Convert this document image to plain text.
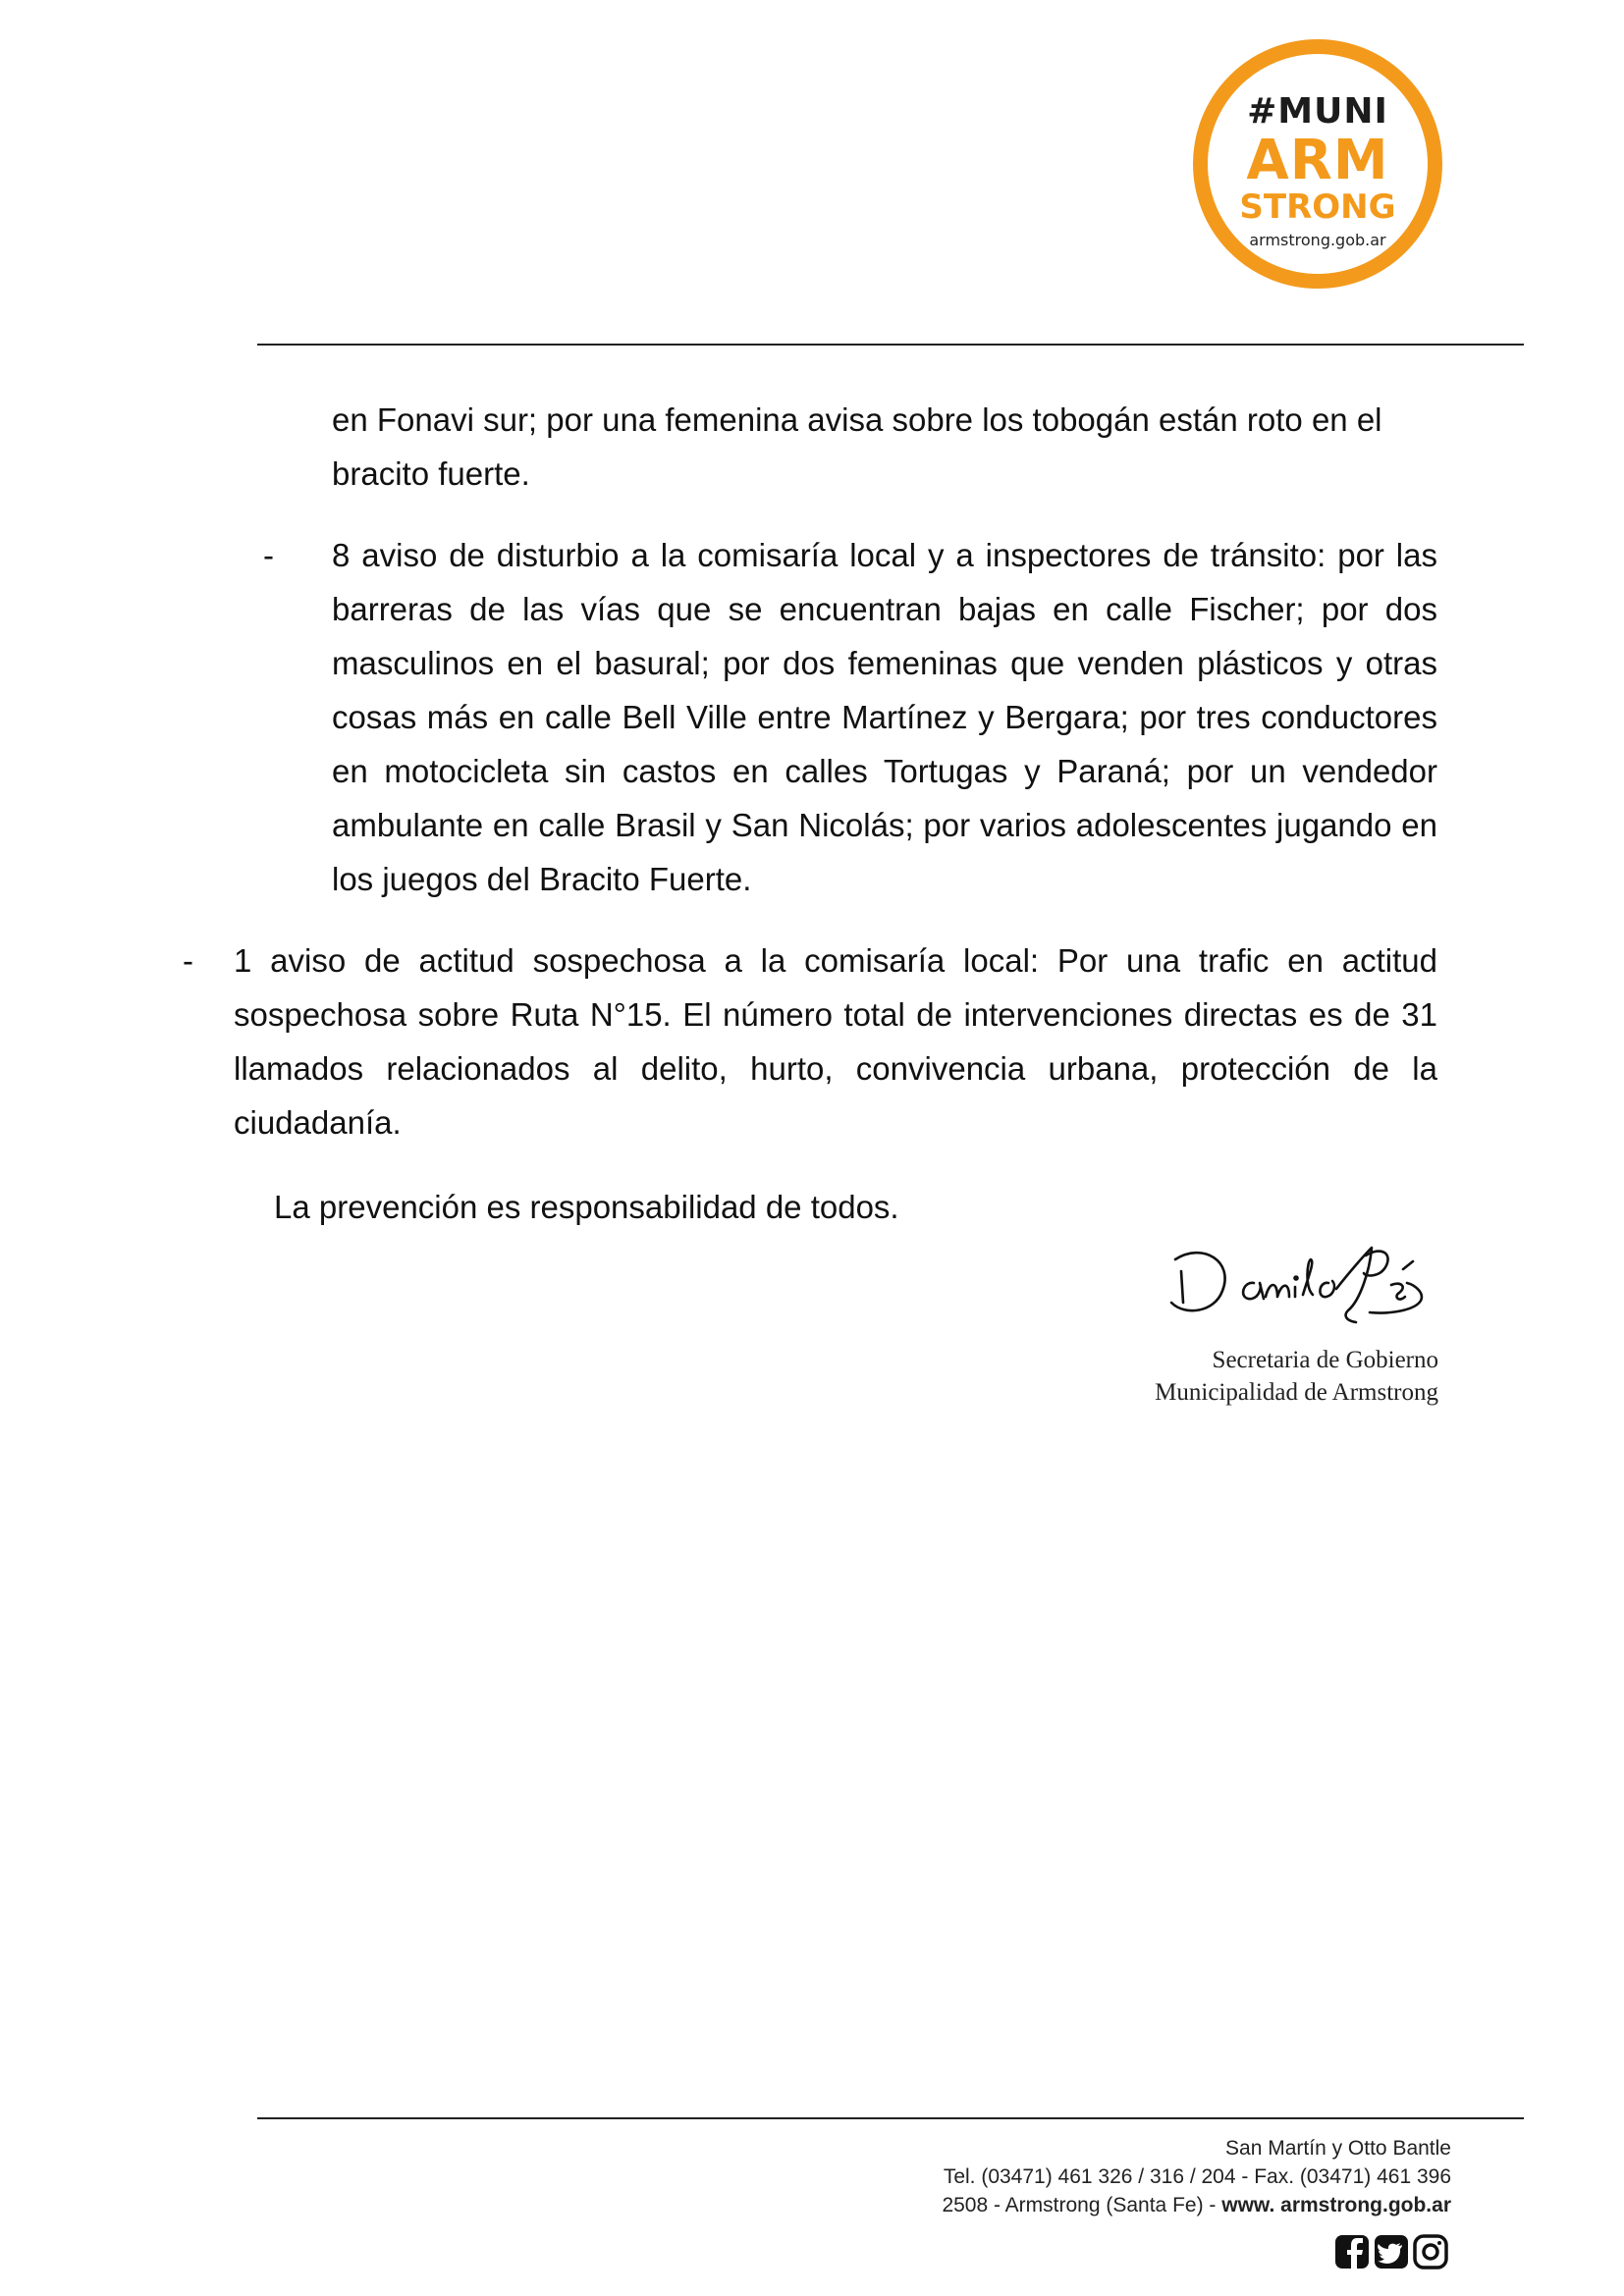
#MUNI
ARM
STRONG
armstrong.gob.ar
en Fonavi sur; por una femenina avisa sobre los tobogán están roto en el bracito fuerte.
- 8 aviso de disturbio a la comisaría local y a inspectores de tránsito: por las barreras de las vías que se encuentran bajas en calle Fischer; por dos masculinos en el basural; por dos femeninas que venden plásticos y otras cosas más en calle Bell Ville entre Martínez y Bergara; por tres conductores en motocicleta sin castos en calles Tortugas y Paraná; por un vendedor ambulante en calle Brasil y San Nicolás; por varios adolescentes jugando en los juegos del Bracito Fuerte.
- 1 aviso de actitud sospechosa a la comisaría local: Por una trafic en actitud sospechosa sobre Ruta N°15. El número total de intervenciones directas es de 31 llamados relacionados al delito, hurto, convivencia urbana, protección de la ciudadanía.
La prevención es responsabilidad de todos.
Secretaria de Gobierno
Municipalidad de Armstrong
San Martín y Otto Bantle
Tel. (03471) 461 326 / 316 / 204 - Fax. (03471) 461 396
2508 - Armstrong (Santa Fe) - www. armstrong.gob.ar
